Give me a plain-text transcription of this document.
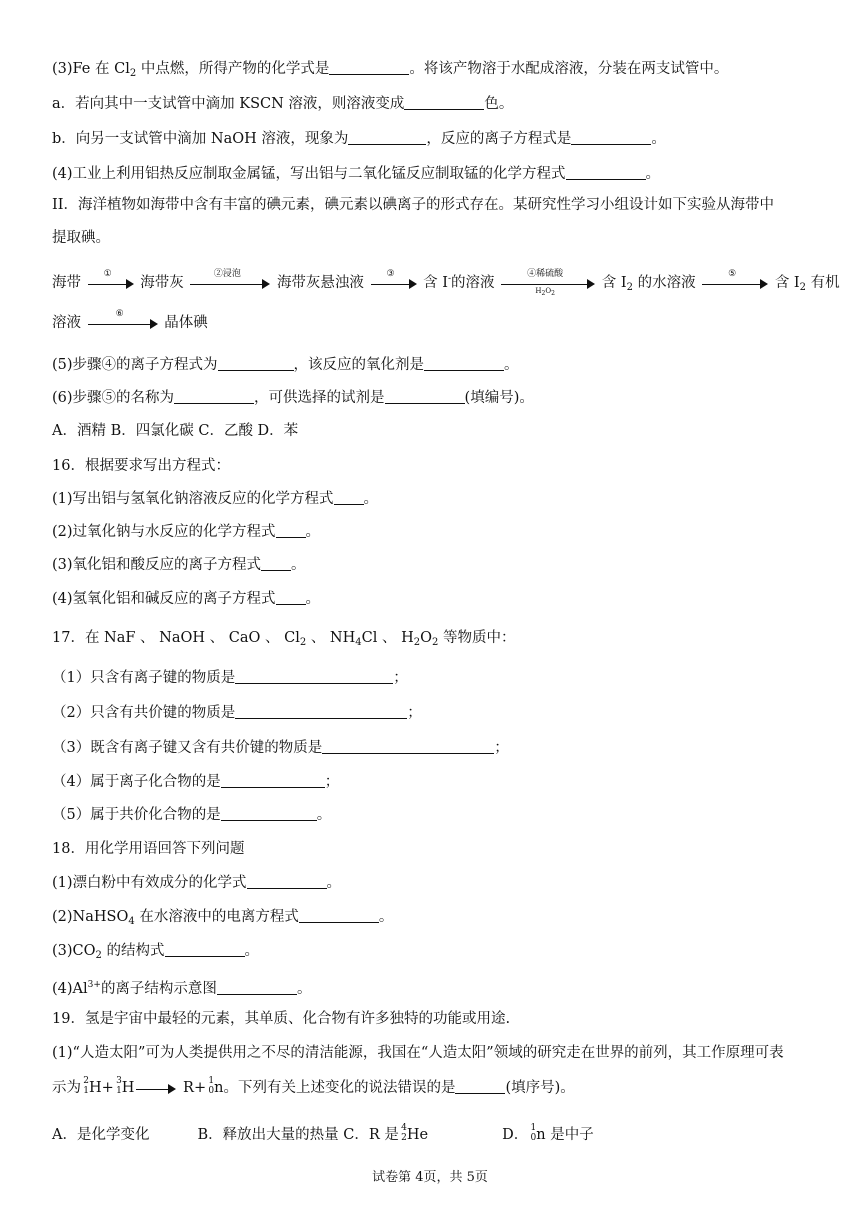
(3)Fe 在 $Cl_2$ 中点燃，所得产物的化学式是	。将该产物溶于水配成溶液，分装在两支试管中。
a．若向其中一支试管中滴加 KSCN 溶液，则溶液变成	色。
b．向另一支试管中滴加 NaOH 溶液，现象为	，反应的离子方程式是	。
(4)工业上利用铝热反应制取金属锰，写出铝与二氧化锰反应制取锰的化学方程式	。
II．海洋植物如海带中含有丰富的碘元素，碘元素以碘离子的形式存在。某研究性学习小组设计如下实验从海带中
提取碘。
海带
①
海带灰
②浸泡
海带灰悬浊液
③
含 I-的溶液
④稀硫酸
H2O2
含 $I_2$ 的水溶液
⑤
含 $I_2$ 有机
溶液
⑥
晶体碘
(5)步骤④的离子方程式为	，该反应的氧化剂是	。
(6)步骤⑤的名称为	，可供选择的试剂是	(填编号)。
A．酒精 B．四氯化碳 C．乙酸 D．苯
16．根据要求写出方程式：
(1)写出铝与氢氧化钠溶液反应的化学方程式 。
(2)过氧化钠与水反应的化学方程式 。
(3)氧化铝和酸反应的离子方程式 。
(4)氢氧化铝和碱反应的离子方程式 。
17．在 NaF 、 NaOH 、 CaO 、 $Cl_2$ 、 $NH_4Cl$ 、 $H_2O_2$ 等物质中：
（1）只含有离子键的物质是	；
（2）只含有共价键的物质是	；
（3）既含有离子键又含有共价键的物质是	；
（4）属于离子化合物的是	；
（5）属于共价化合物的是	。
18．用化学用语回答下列问题
(1)漂白粉中有效成分的化学式	。
(2)NaHSO$_4$ 在水溶液中的电离方程式	。
$(3)CO_2$ 的结构式	。
$(4)Al^{3+}$的离子结构示意图	。
19．氢是宇宙中最轻的元素，其单质、化合物有许多独特的功能或用途.
(1)“人造太阳”可为人类提供用之不尽的清洁能源，我国在“人造太阳”领域的研究走在世界的前列，其工作原理可表
示为 2
1 H+ 3
1 H	R+ 1
0 n。下列有关上述变化的说法错误的是	(填序号)。
A．是化学变化	B．释放出大量的热量 C．R 是 4
2 He	D． 1
0 n 是中子
试卷第 4页，共 5页
